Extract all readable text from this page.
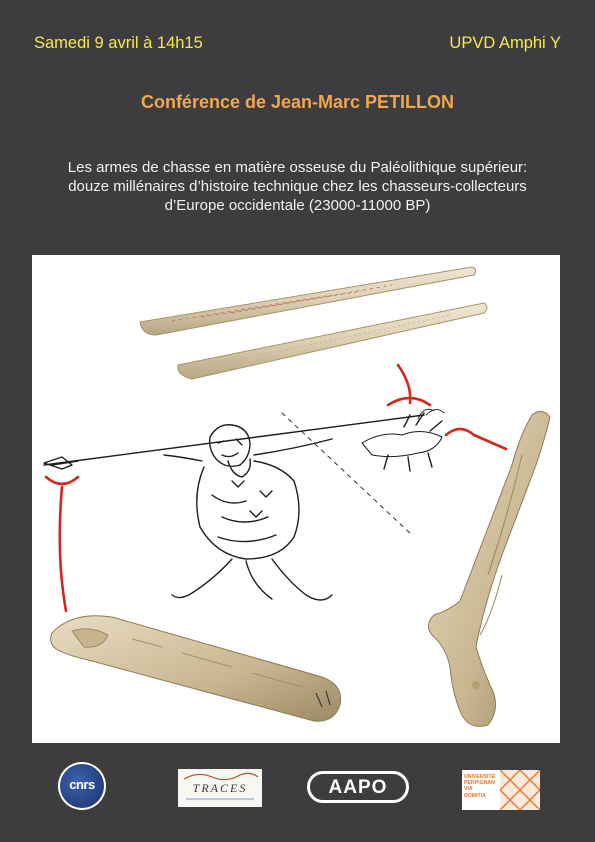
Samedi 9 avril à 14h15	UPVD Amphi Y
Conférence de Jean-Marc PETILLON
Les armes de chasse en matière osseuse du Paléolithique supérieur:
douze millénaires d’histoire technique chez les chasseurs-collecteurs
d’Europe occidentale (23000-11000 BP)
cnrs	TRACES	AAPO	UNIVERSITÉ
PERPIGNAN
VIA
DOMITIA
